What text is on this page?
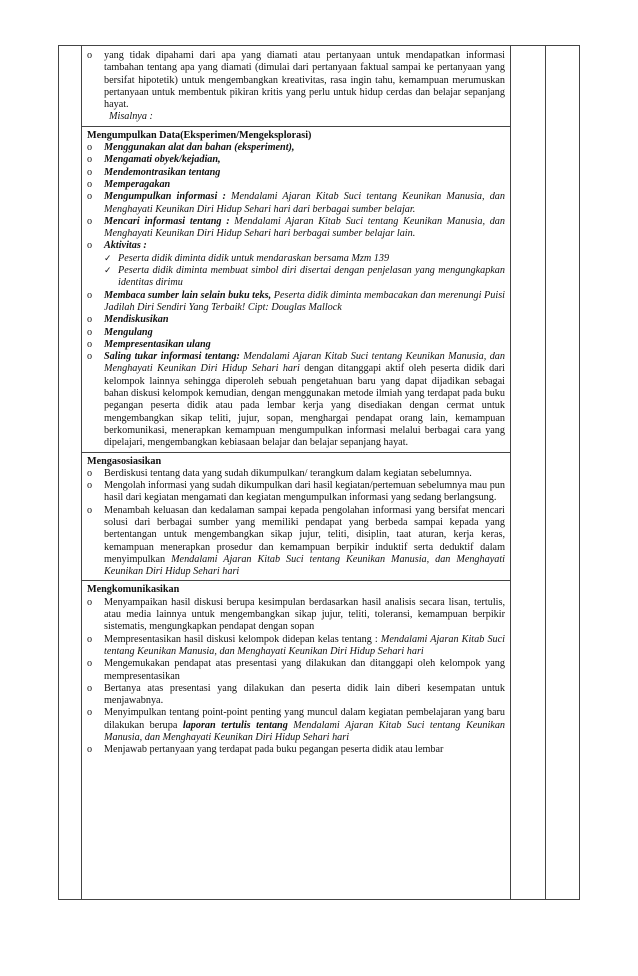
o	yang tidak dipahami dari apa yang diamati atau pertanyaan untuk mendapatkan informasi tambahan tentang apa yang diamati (dimulai dari pertanyaan faktual sampai ke pertanyaan yang bersifat hipotetik) untuk mengembangkan kreativitas, rasa ingin tahu, kemampuan merumuskan pertanyaan untuk membentuk pikiran kritis yang perlu untuk hidup cerdas dan belajar sepanjang hayat.
Misalnya :
Mengumpulkan Data(Eksperimen/Mengeksplorasi)
o	Menggunakan alat dan bahan (eksperiment),
o	Mengamati obyek/kejadian,
o	Mendemontrasikan tentang
o	Memperagakan
o	Mengumpulkan informasi : Mendalami Ajaran Kitab Suci tentang Keunikan Manusia, dan Menghayati Keunikan Diri Hidup Sehari hari dari berbagai sumber belajar.
o	Mencari informasi tentang : Mendalami Ajaran Kitab Suci tentang Keunikan Manusia, dan Menghayati Keunikan Diri Hidup Sehari hari berbagai sumber belajar lain.
o	Aktivitas :
✓ Peserta didik diminta didik untuk mendaraskan bersama Mzm 139
✓ Peserta didik diminta membuat simbol diri disertai dengan penjelasan yang mengungkapkan identitas dirimu
o	Membaca sumber lain selain buku teks, Peserta didik diminta membacakan dan merenungi Puisi Jadilah Diri Sendiri Yang Terbaik! Cipt: Douglas Mallock
o	Mendiskusikan
o	Mengulang
o	Mempresentasikan ulang
o	Saling tukar informasi tentang: Mendalami Ajaran Kitab Suci tentang Keunikan Manusia, dan Menghayati Keunikan Diri Hidup Sehari hari dengan ditanggapi aktif oleh peserta didik dari kelompok lainnya sehingga diperoleh sebuah pengetahuan baru yang dapat dijadikan sebagai bahan diskusi kelompok kemudian, dengan menggunakan metode ilmiah yang terdapat pada buku pegangan peserta didik atau pada lembar kerja yang disediakan dengan cermat untuk mengembangkan sikap teliti, jujur, sopan, menghargai pendapat orang lain, kemampuan berkomunikasi, menerapkan kemampuan mengumpulkan informasi melalui berbagai cara yang dipelajari, mengembangkan kebiasaan belajar dan belajar sepanjang hayat.
Mengasosiasikan
o	Berdiskusi tentang data yang sudah dikumpulkan/ terangkum dalam kegiatan sebelumnya.
o	Mengolah informasi yang sudah dikumpulkan dari hasil kegiatan/pertemuan sebelumnya mau pun hasil dari kegiatan mengamati dan kegiatan mengumpulkan informasi yang sedang berlangsung.
o	Menambah keluasan dan kedalaman sampai kepada pengolahan informasi yang bersifat mencari solusi dari berbagai sumber yang memiliki pendapat yang berbeda sampai kepada yang bertentangan untuk mengembangkan sikap jujur, teliti, disiplin, taat aturan, kerja keras, kemampuan menerapkan prosedur dan kemampuan berpikir induktif serta deduktif dalam menyimpulkan Mendalami Ajaran Kitab Suci tentang Keunikan Manusia, dan Menghayati Keunikan Diri Hidup Sehari hari
Mengkomunikasikan
o	Menyampaikan hasil diskusi berupa kesimpulan berdasarkan hasil analisis secara lisan, tertulis, atau media lainnya untuk mengembangkan sikap jujur, teliti, toleransi, kemampuan berpikir sistematis, mengungkapkan pendapat dengan sopan
o	Mempresentasikan hasil diskusi kelompok didepan kelas tentang : Mendalami Ajaran Kitab Suci tentang Keunikan Manusia, dan Menghayati Keunikan Diri Hidup Sehari hari
o	Mengemukakan pendapat atas presentasi yang dilakukan dan ditanggapi oleh kelompok yang mempresentasikan
o	Bertanya atas presentasi yang dilakukan dan peserta didik lain diberi kesempatan untuk menjawabnya.
o	Menyimpulkan tentang point-point penting yang muncul dalam kegiatan pembelajaran yang baru dilakukan berupa laporan tertulis tentang Mendalami Ajaran Kitab Suci tentang Keunikan Manusia, dan Menghayati Keunikan Diri Hidup Sehari hari
o	Menjawab pertanyaan yang terdapat pada buku pegangan peserta didik atau lembar
